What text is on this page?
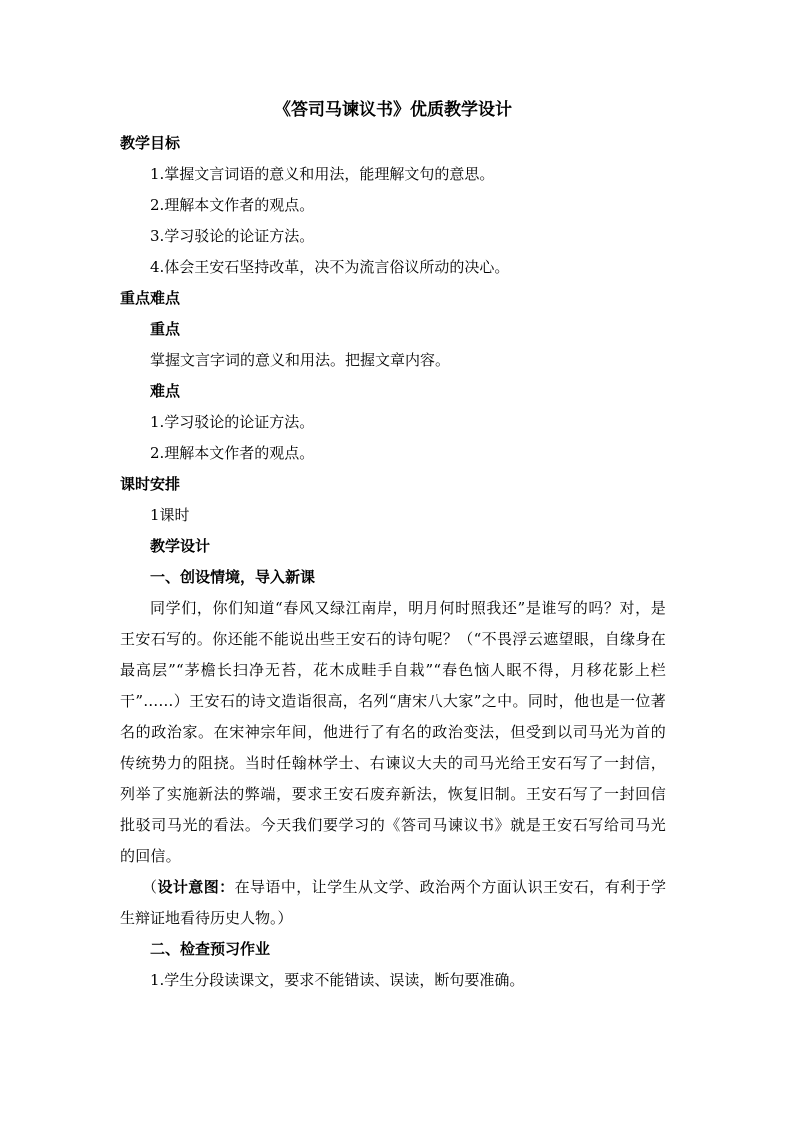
《答司马谏议书》优质教学设计

教学目标

1.掌握文言词语的意义和用法，能理解文句的意思。

2.理解本文作者的观点。

3.学习驳论的论证方法。

4.体会王安石坚持改革，决不为流言俗议所动的决心。

重点难点

重点

掌握文言字词的意义和用法。把握文章内容。

难点

1.学习驳论的论证方法。

2.理解本文作者的观点。

课时安排

1课时

教学设计

一、创设情境，导入新课

同学们，你们知道“春风又绿江南岸，明月何时照我还”是谁写的吗？对，是王安石写的。你还能不能说出些王安石的诗句呢？（“不畏浮云遮望眼，自缘身在最高层”“茅檐长扫净无苔，花木成畦手自栽”“春色恼人眠不得，月移花影上栏干”……）王安石的诗文造诣很高，名列“唐宋八大家”之中。同时，他也是一位著名的政治家。在宋神宗年间，他进行了有名的政治变法，但受到以司马光为首的传统势力的阻挠。当时任翰林学士、右谏议大夫的司马光给王安石写了一封信，列举了实施新法的弊端，要求王安石废弃新法，恢复旧制。王安石写了一封回信批驳司马光的看法。今天我们要学习的《答司马谏议书》就是王安石写给司马光的回信。

（设计意图：在导语中，让学生从文学、政治两个方面认识王安石，有利于学生辩证地看待历史人物。）

二、检查预习作业

1.学生分段读课文，要求不能错读、误读，断句要准确。
